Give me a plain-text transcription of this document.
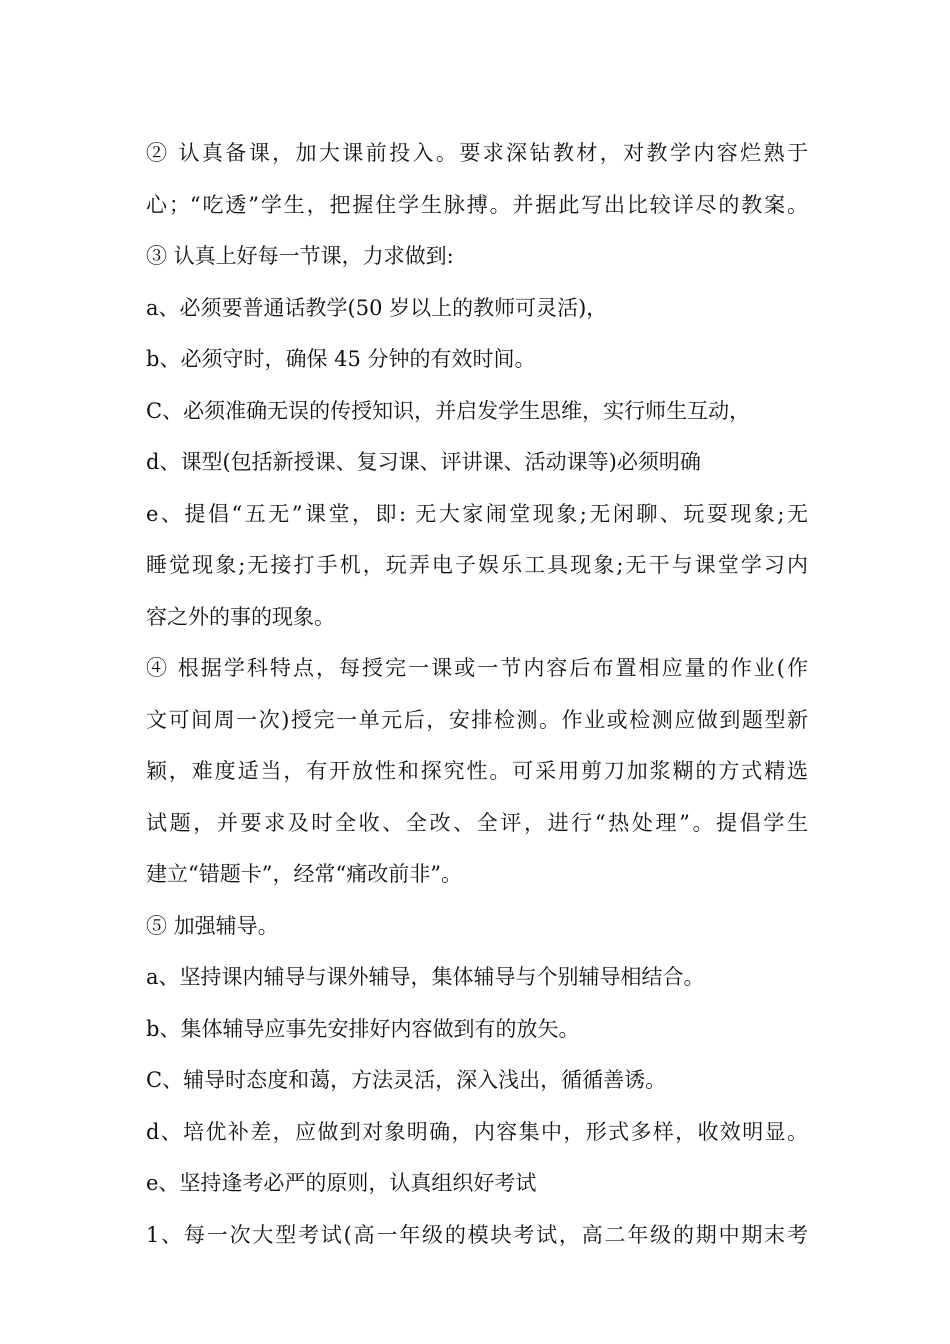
② 认真备课，加大课前投入。要求深钻教材，对教学内容烂熟于
心；“吃透”学生，把握住学生脉搏。并据此写出比较详尽的教案。
③ 认真上好每一节课，力求做到:
a、必须要普通话教学(50 岁以上的教师可灵活)，
b、必须守时，确保 45 分钟的有效时间。
C、必须准确无误的传授知识，并启发学生思维，实行师生互动，
d、课型(包括新授课、复习课、评讲课、活动课等)必须明确
e、提倡“五无”课堂，即: 无大家闹堂现象;无闲聊、玩耍现象;无
睡觉现象;无接打手机，玩弄电子娱乐工具现象;无干与课堂学习内
容之外的事的现象。
④ 根据学科特点，每授完一课或一节内容后布置相应量的作业(作
文可间周一次)授完一单元后，安排检测。作业或检测应做到题型新
颖，难度适当，有开放性和探究性。可采用剪刀加浆糊的方式精选
试题，并要求及时全收、全改、全评，进行“热处理”。提倡学生
建立“错题卡”，经常“痛改前非”。
⑤ 加强辅导。
a、坚持课内辅导与课外辅导，集体辅导与个别辅导相结合。
b、集体辅导应事先安排好内容做到有的放矢。
C、辅导时态度和蔼，方法灵活，深入浅出，循循善诱。
d、培优补差，应做到对象明确，内容集中，形式多样，收效明显。
e、坚持逢考必严的原则，认真组织好考试
1、每一次大型考试(高一年级的模块考试，高二年级的期中期末考
